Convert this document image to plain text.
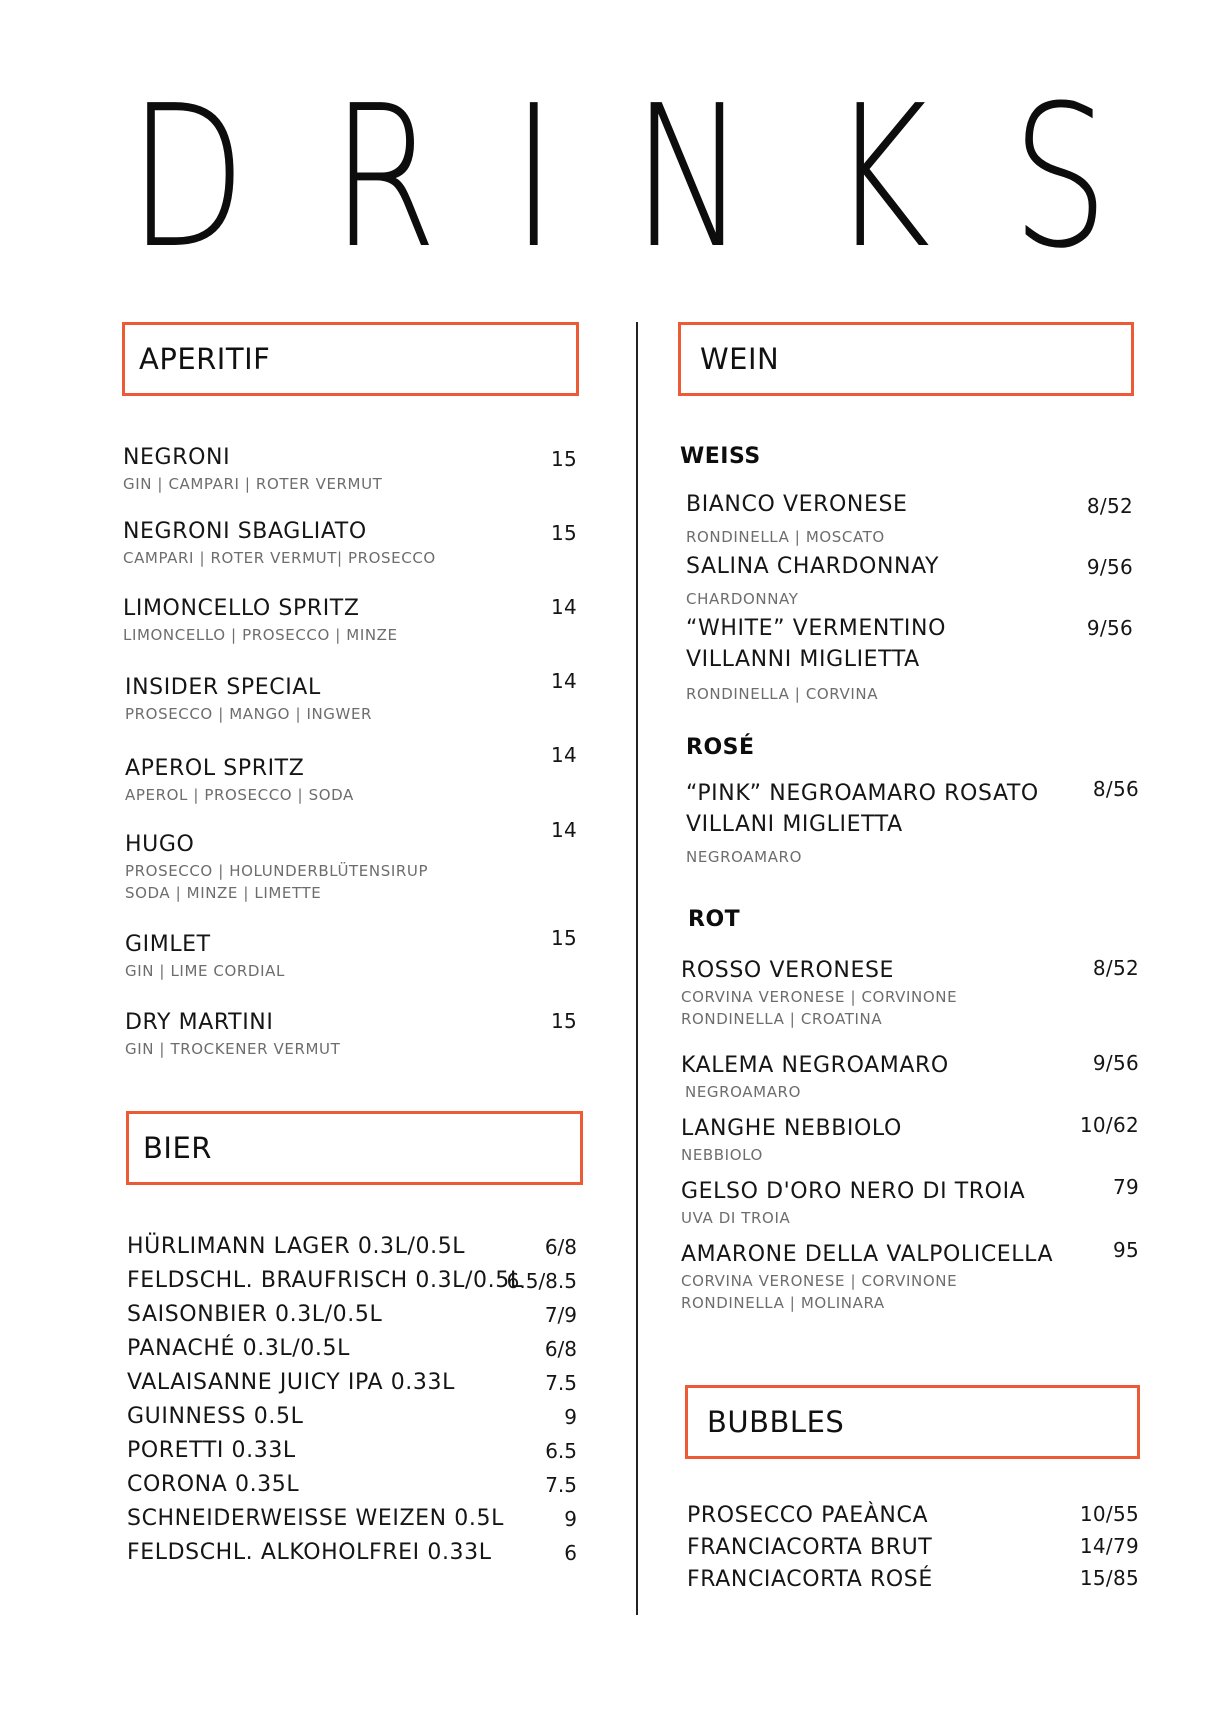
D R I N K S
APERITIF
NEGRONI
GIN | CAMPARI | ROTER VERMUT
15
NEGRONI SBAGLIATO
CAMPARI | ROTER VERMUT| PROSECCO
15
LIMONCELLO SPRITZ
LIMONCELLO | PROSECCO | MINZE
14
INSIDER SPECIAL
PROSECCO | MANGO | INGWER
14
APEROL SPRITZ
APEROL | PROSECCO | SODA
14
HUGO
PROSECCO | HOLUNDERBLÜTENSIRUP
SODA | MINZE | LIMETTE
14
GIMLET
GIN | LIME CORDIAL
15
DRY MARTINI
GIN | TROCKENER VERMUT
15
BIER
HÜRLIMANN LAGER 0.3L/0.5L	6/8
FELDSCHL. BRAUFRISCH 0.3L/0.5L
6.5/8.5
SAISONBIER 0.3L/0.5L	7/9
PANACHÉ 0.3L/0.5L	6/8
VALAISANNE JUICY IPA 0.33L	7.5
GUINNESS 0.5L	9
PORETTI 0.33L	6.5
CORONA 0.35L	7.5
SCHNEIDERWEISSE WEIZEN 0.5L	9
FELDSCHL. ALKOHOLFREI 0.33L	6
WEIN
WEISS
BIANCO VERONESE
RONDINELLA | MOSCATO
8/52
SALINA CHARDONNAY
CHARDONNAY
9/56
“WHITE” VERMENTINO
VILLANNI MIGLIETTA
RONDINELLA | CORVINA
9/56
ROSÉ
“PINK” NEGROAMARO ROSATO
VILLANI MIGLIETTA
NEGROAMARO
8/56
ROT
ROSSO VERONESE
CORVINA VERONESE | CORVINONE
RONDINELLA | CROATINA
8/52
KALEMA NEGROAMARO
NEGROAMARO
9/56
LANGHE NEBBIOLO
NEBBIOLO
10/62
GELSO D'ORO NERO DI TROIA
UVA DI TROIA
79
AMARONE DELLA VALPOLICELLA
CORVINA VERONESE | CORVINONE
RONDINELLA | MOLINARA
95
BUBBLES
PROSECCO PAEÀNCA	10/55
FRANCIACORTA BRUT	14/79
FRANCIACORTA ROSÉ	15/85
